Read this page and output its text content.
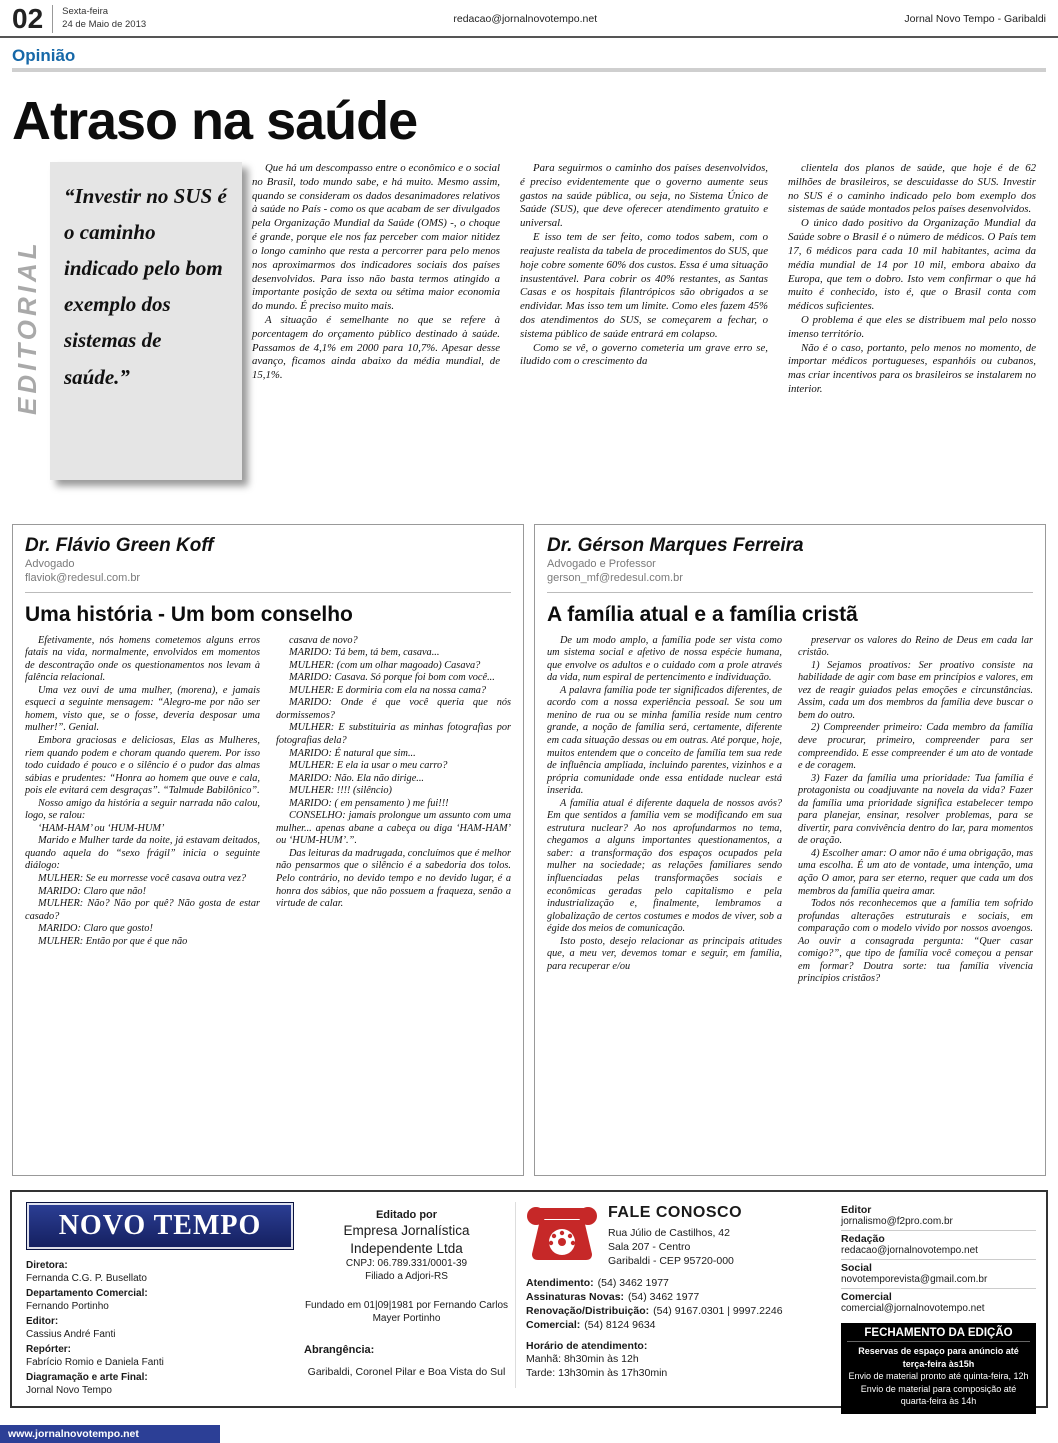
02	Sexta-feira
24 de Maio de 2013	redacao@jornalnovotempo.net	Jornal Novo Tempo - Garibaldi
Opinião
Atraso na saúde
EDITORIAL
“Investir no SUS é o caminho indicado pelo bom exemplo dos sistemas de saúde.”

Que há um descompasso entre o econômico e o social no Brasil, todo mundo sabe, e há muito. Mesmo assim, quando se consideram os dados desanimadores relativos à saúde no País - como os que acabam de ser divulgados pela Organização Mundial da Saúde (OMS) -, o choque é grande, porque ele nos faz perceber com maior nitidez o longo caminho que resta a percorrer para pelo menos nos aproximarmos dos indicadores sociais dos países desenvolvidos. Para isso não basta termos atingido a importante posição de sexta ou sétima maior economia do mundo. É preciso muito mais.

A situação é semelhante no que se refere à porcentagem do orçamento público destinado à saúde. Passamos de 4,1% em 2000 para 10,7%. Apesar desse avanço, ficamos ainda abaixo da média mundial, de 15,1%.

Para seguirmos o caminho dos países desenvolvidos, é preciso evidentemente que o governo aumente seus gastos na saúde pública, ou seja, no Sistema Único de Saúde (SUS), que deve oferecer atendimento gratuito e universal.

E isso tem de ser feito, como todos sabem, com o reajuste realista da tabela de procedimentos do SUS, que hoje cobre somente 60% dos custos. Essa é uma situação insustentável. Para cobrir os 40% restantes, as Santas Casas e os hospitais filantrópicos são obrigados a se endividar. Mas isso tem um limite. Como eles fazem 45% dos atendimentos do SUS, se começarem a fechar, o sistema público de saúde entrará em colapso.

Como se vê, o governo cometeria um grave erro se, iludido com o crescimento da

clientela dos planos de saúde, que hoje é de 62 milhões de brasileiros, se descuidasse do SUS. Investir no SUS é o caminho indicado pelo bom exemplo dos sistemas de saúde montados pelos países desenvolvidos.

O único dado positivo da Organização Mundial da Saúde sobre o Brasil é o número de médicos. O País tem 17, 6 médicos para cada 10 mil habitantes, acima da média mundial de 14 por 10 mil, embora abaixo da Europa, que tem o dobro. Isto vem confirmar o que há muito é conhecido, isto é, que o Brasil conta com médicos suficientes.

O problema é que eles se distribuem mal pelo nosso imenso território.

Não é o caso, portanto, pelo menos no momento, de importar médicos portugueses, espanhóis ou cubanos, mas criar incentivos para os brasileiros se instalarem no interior.

Dr. Flávio Green Koff
Advogado
flaviok@redesul.com.br
Uma história - Um bom conselho

Efetivamente, nós homens cometemos alguns erros fatais na vida, normalmente, envolvidos em momentos de descontração onde os questionamentos nos levam à falência relacional.

Uma vez ouvi de uma mulher, (morena), e jamais esqueci a seguinte mensagem: “Alegro-me por não ser homem, visto que, se o fosse, deveria desposar uma mulher!”. Genial.

Embora graciosas e deliciosas, Elas as Mulheres, riem quando podem e choram quando querem. Por isso todo cuidado é pouco e o silêncio é o pudor das almas sábias e prudentes: “Honra ao homem que ouve e cala, pois ele evitará cem desgraças”. “Talmude Babilônico”.

Nosso amigo da história a seguir narrada não calou, logo, se ralou:

‘HAM-HAM’ ou ‘HUM-HUM’

Marido e Mulher tarde da noite, já estavam deitados, quando aquela do “sexo frágil” inicia o seguinte diálogo:

MULHER: Se eu morresse você casava outra vez?

MARIDO: Claro que não!

MULHER: Não? Não por quê? Não gosta de estar casado?

MARIDO: Claro que gosto!

MULHER: Então por que é que não

casava de novo?

MARIDO: Tá bem, tá bem, casava...

MULHER: (com um olhar magoado) Casava?

MARIDO: Casava. Só porque foi bom com você...

MULHER: E dormiria com ela na nossa cama?

MARIDO: Onde é que você queria que nós dormissemos?

MULHER: E substituiria as minhas fotografias por fotografias dela?

MARIDO: É natural que sim...

MULHER: E ela ia usar o meu carro?

MARIDO: Não. Ela não dirige...

MULHER: !!!! (silêncio)

MARIDO: ( em pensamento ) me fui!!!

CONSELHO: jamais prolongue um assunto com uma mulher... apenas abane a cabeça ou diga ‘HAM-HAM’ ou ‘HUM-HUM’.”.

Das leituras da madrugada, concluímos que é melhor não pensarmos que o silêncio é a sabedoria dos tolos. Pelo contrário, no devido tempo e no devido lugar, é a honra dos sábios, que não possuem a fraqueza, senão a virtude de calar.

Dr. Gérson Marques Ferreira
Advogado e Professor
gerson_mf@redesul.com.br
A família atual e a família cristã

De um modo amplo, a família pode ser vista como um sistema social e afetivo de nossa espécie humana, que envolve os adultos e o cuidado com a prole através da vida, num espiral de pertencimento e individuação.

A palavra família pode ter significados diferentes, de acordo com a nossa experiência pessoal. Se sou um menino de rua ou se minha família reside num centro grande, a noção de família será, certamente, diferente em cada situação dessas ou em outras. Até porque, hoje, muitos entendem que o conceito de família tem sua rede de influência ampliada, incluindo parentes, vizinhos e a própria comunidade onde essa entidade nuclear está inserida.

A família atual é diferente daquela de nossos avós? Em que sentidos a família vem se modificando em sua estrutura nuclear? Ao nos aprofundarmos no tema, chegamos a alguns importantes questionamentos, a saber: a transformação dos espaços ocupados pela mulher na sociedade; as relações familiares sendo influenciadas pelas transformações sociais e econômicas geradas pelo capitalismo e pela industrialização e, finalmente, lembramos a globalização de certos costumes e modos de viver, sob a égide dos meios de comunicação.

Isto posto, desejo relacionar as principais atitudes que, a meu ver, devemos tomar e seguir, em família, para recuperar e/ou

preservar os valores do Reino de Deus em cada lar cristão.

1) Sejamos proativos: Ser proativo consiste na habilidade de agir com base em princípios e valores, em vez de reagir guiados pelas emoções e circunstâncias. Assim, cada um dos membros da família deve buscar o bem do outro.

2) Compreender primeiro: Cada membro da família deve procurar, primeiro, compreender para ser compreendido. E esse compreender é um ato de vontade e de coragem.

3) Fazer da família uma prioridade: Tua família é protagonista ou coadjuvante na novela da vida? Fazer da família uma prioridade significa estabelecer tempo para planejar, ensinar, resolver problemas, para se divertir, para convivência dentro do lar, para momentos de oração.

4) Escolher amar: O amor não é uma obrigação, mas uma escolha. É um ato de vontade, uma intenção, uma ação O amor, para ser eterno, requer que cada um dos membros da família queira amar.

Todos nós reconhecemos que a família tem sofrido profundas alterações estruturais e sociais, em comparação com o modelo vivido por nossos avoengos. Ao ouvir a consagrada pergunta: “Quer casar comigo?”, que tipo de família você começou a pensar em formar? Doutra sorte: tua família vivencia princípios cristãos?

NOVO TEMPO
Diretora:
Fernanda C.G. P. Busellato
Departamento Comercial:
Fernando Portinho
Editor:
Cassius André Fanti
Repórter:
Fabrício Romio e Daniela Fanti
Diagramação e arte Final:
Jornal Novo Tempo

Editado por

Empresa Jornalística

Independente Ltda

CNPJ: 06.789.331/0001-39

Filiado a Adjori-RS

Fundado em 01|09|1981 por Fernando Carlos Mayer Portinho

Abrangência:

Garibaldi, Coronel Pilar e Boa Vista do Sul

FALE CONOSCO

Rua Júlio de Castilhos, 42

Sala 207 - Centro

Garibaldi - CEP 95720-000

Atendimento: (54) 3462 1977
Assinaturas Novas: (54) 3462 1977
Renovação/Distribuição: (54) 9167.0301 | 9997.2246
Comercial: (54) 8124 9634

Horário de atendimento:

Manhã: 8h30min às 12h

Tarde: 13h30min às 17h30min

Editor
jornalismo@f2pro.com.br
Redação
redacao@jornalnovotempo.net
Social
novotemporevista@gmail.com.br
Comercial
comercial@jornalnovotempo.net
FECHAMENTO DA EDIÇÃO

Reservas de espaço para anúncio até terça-feira às15h

Envio de material pronto até quinta-feira, 12h

Envio de material para composição até quarta-feira às 14h

www.jornalnovotempo.net
